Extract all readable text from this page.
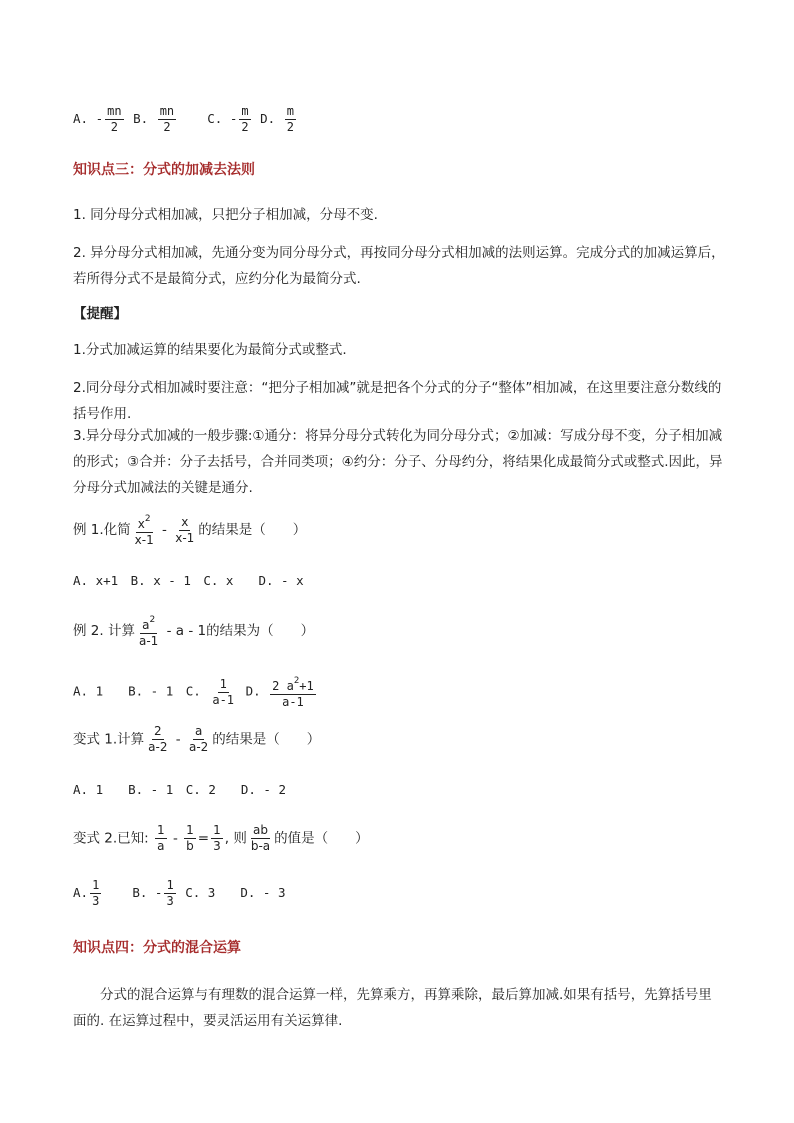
A. - $\frac{mn}{2} B$. $\frac{mn}{2} C$. - $\frac{m}{2} D$. $\frac{m}{2}$
知识点三：分式的加减去法则
1. 同分母分式相加减，只把分子相加减，分母不变.
2. 异分母分式相加减，先通分变为同分母分式，再按同分母分式相加减的法则运算。完成分式的加减运算后，若所得分式不是最简分式，应约分化为最简分式.
【提醒】
1.分式加减运算的结果要化为最简分式或整式.
2.同分母分式相加减时要注意：“把分子相加减”就是把各个分式的分子“整体”相加减，在这里要注意分数线的括号作用.
3.异分母分式加减的一般步骤:①通分：将异分母分式转化为同分母分式；②加减：写成分母不变，分子相加减的形式；③合并：分子去括号，合并同类项；④约分：分子、分母约分，将结果化成最简分式或整式.因此，异分母分式加减法的关键是通分.
例 1.化简 $\frac{x^2}{x-1} - \frac{x}{x-1}$ 的结果是（　　）
A. x+1　B. x - 1　C. x　　D. - x
例 2. 计算 $\frac{a^2}{a-1}$ - a - 1的结果为（　　）
A. 1　　B. - 1　C. $\frac{1}{a-1} D$. $\frac{2 a^2+1}{a-1}$
变式 1.计算 $\frac{2}{a-2} - \frac{a}{a-2}$ 的结果是（　　）
A. 1　　B. - 1　C. 2　　D. - 2
变式 2.已知: $\frac{1}{a} - \frac{1}{b} = \frac{1}{3}$ , 则 $\frac{ab}{b-a}$ 的值是（　　）
A. $\frac{1}{3} B$. - $\frac{1}{3} C$. 3　　D. - 3
知识点四：分式的混合运算
分式的混合运算与有理数的混合运算一样，先算乘方，再算乘除，最后算加减.如果有括号，先算括号里面的. 在运算过程中，要灵活运用有关运算律.
